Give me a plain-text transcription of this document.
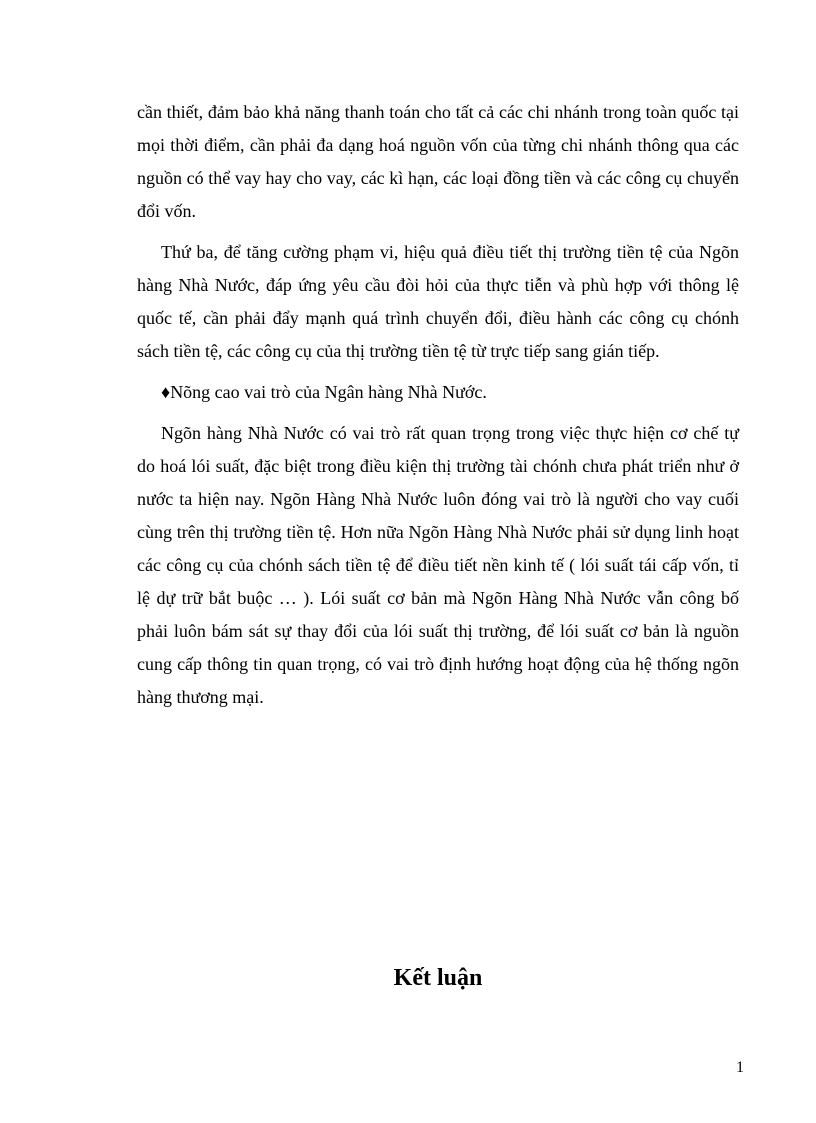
cần thiết, đảm bảo khả năng thanh toán cho tất cả các chi nhánh trong toàn quốc tại mọi thời điểm, cần phải đa dạng hoá nguồn vốn của từng chi nhánh thông qua các nguồn có thể vay hay cho vay, các kì hạn, các loại đồng tiền và các công cụ chuyển đổi vốn.

Thứ ba, để tăng cường phạm vi, hiệu quả điều tiết thị trường tiền tệ của Ngõn hàng Nhà Nước, đáp ứng yêu cầu đòi hỏi của thực tiễn và phù hợp với thông lệ quốc tế, cần phải đẩy mạnh quá trình chuyển đổi, điều hành các công cụ chónh sách tiền tệ, các công cụ của thị trường tiền tệ từ trực tiếp sang gián tiếp.

♦Nõng cao vai trò của Ngân hàng Nhà Nước.

Ngõn hàng Nhà Nước có vai trò rất quan trọng trong việc thực hiện cơ chế tự do hoá lói suất, đặc biệt trong điều kiện thị trường tài chónh chưa phát triển như ở nước ta hiện nay. Ngõn Hàng Nhà Nước luôn đóng vai trò là người cho vay cuối cùng trên thị trường tiền tệ. Hơn nữa Ngõn Hàng Nhà Nước phải sử dụng linh hoạt các công cụ của chónh sách tiền tệ để điều tiết nền kinh tế ( lói suất tái cấp vốn, tỉ lệ dự trữ bắt buộc … ). Lói suất cơ bản mà Ngõn Hàng Nhà Nước vẫn công bố phải luôn bám sát sự thay đổi của lói suất thị trường, để lói suất cơ bản là nguồn cung cấp thông tin quan trọng, có vai trò định hướng hoạt động của hệ thống ngõn hàng thương mại.

Kết luận
1
